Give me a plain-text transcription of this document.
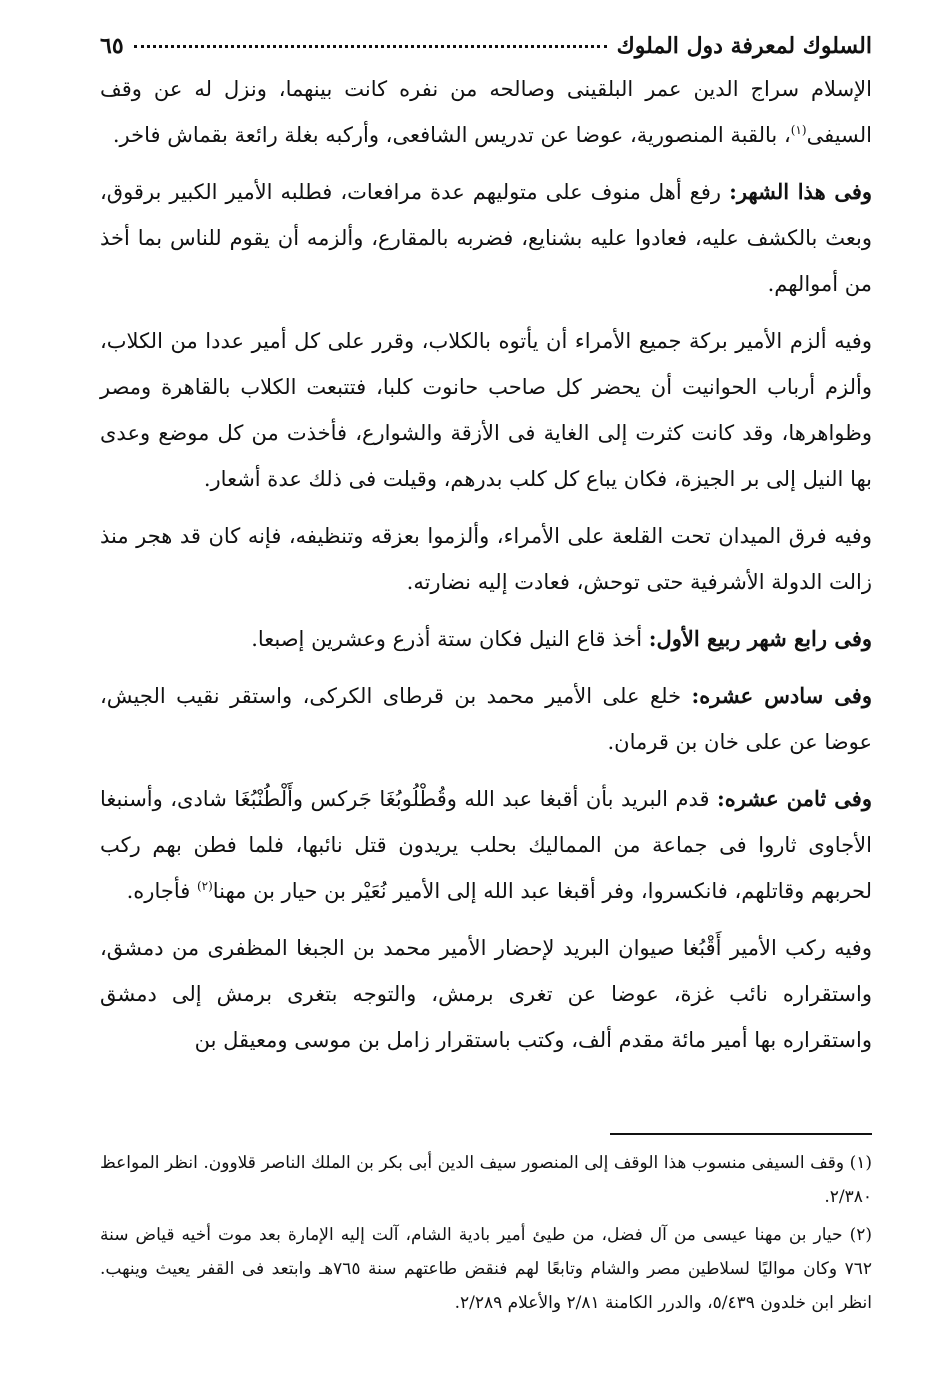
السلوك لمعرفة دول الملوك
٦٥

الإسلام سراج الدين عمر البلقينى وصالحه من نفره كانت بينهما، ونزل له عن وقف السيفى$^{(١)}$، بالقبة المنصورية، عوضا عن تدريس الشافعى، وأركبه بغلة رائعة بقماش فاخر.

وفى هذا الشهر: رفع أهل منوف على متوليهم عدة مرافعات، فطلبه الأمير الكبير برقوق، وبعث بالكشف عليه، فعادوا عليه بشنايع، فضربه بالمقارع، وألزمه أن يقوم للناس بما أخذ من أموالهم.

وفيه ألزم الأمير بركة جميع الأمراء أن يأتوه بالكلاب، وقرر على كل أمير عددا من الكلاب، وألزم أرباب الحوانيت أن يحضر كل صاحب حانوت كلبا، فتتبعت الكلاب بالقاهرة ومصر وظواهرها، وقد كانت كثرت إلى الغاية فى الأزقة والشوارع، فأخذت من كل موضع وعدى بها النيل إلى بر الجيزة، فكان يباع كل كلب بدرهم، وقيلت فى ذلك عدة أشعار.

وفيه فرق الميدان تحت القلعة على الأمراء، وألزموا بعزقه وتنظيفه، فإنه كان قد هجر منذ زالت الدولة الأشرفية حتى توحش، فعادت إليه نضارته.

وفى رابع شهر ربيع الأول: أخذ قاع النيل فكان ستة أذرع وعشرين إصبعا.

وفى سادس عشره: خلع على الأمير محمد بن قرطاى الكركى، واستقر نقيب الجيش، عوضا عن على خان بن قرمان.

وفى ثامن عشره: قدم البريد بأن أقبغا عبد الله وقُطْلُوبُغَا جَركس وأَلْطُنْبُغَا شادى، وأسنبغا الأجاوى ثاروا فى جماعة من المماليك بحلب يريدون قتل نائبها، فلما فطن بهم ركب لحربهم وقاتلهم، فانكسروا، وفر أقبغا عبد الله إلى الأمير نُعَيْر بن حيار بن مهنا$^{(٢)}$ فأجاره.

وفيه ركب الأمير أَقْبُغا صيوان البريد لإحضار الأمير محمد بن الجبغا المظفرى من دمشق، واستقراره نائب غزة، عوضا عن تغرى برمش، والتوجه بتغرى برمش إلى دمشق واستقراره بها أمير مائة مقدم ألف، وكتب باستقرار زامل بن موسى ومعيقل بن

(١) وقف السيفى منسوب هذا الوقف إلى المنصور سيف الدين أبى بكر بن الملك الناصر قلاوون. انظر المواعظ ٢/٣٨٠.

(٢) حيار بن مهنا عيسى من آل فضل، من طيئ أمير بادية الشام، آلت إليه الإمارة بعد موت أخيه قياض سنة ٧٦٢ وكان مواليًا لسلاطين مصر والشام وتابعًا لهم فنقض طاعتهم سنة ٧٦٥هـ وابتعد فى القفر يعيث وينهب. انظر ابن خلدون ٥/٤٣٩، والدرر الكامنة ٢/٨١ والأعلام ٢/٢٨٩.
